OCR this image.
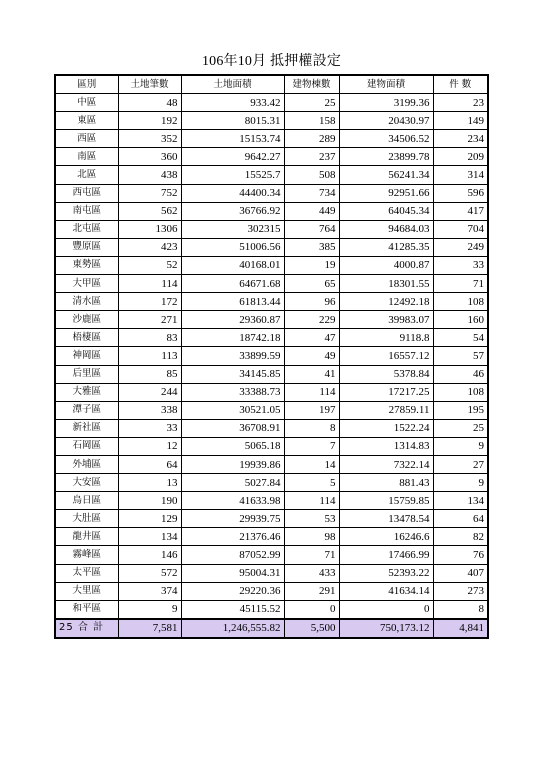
106年10月 抵押權設定
區別	土地筆數	土地面積	建物棟數	建物面積	件 數
中區	48	933.42	25	3199.36	23
東區	192	8015.31	158	20430.97	149
西區	352	15153.74	289	34506.52	234
南區	360	9642.27	237	23899.78	209
北區	438	15525.7	508	56241.34	314
西屯區	752	44400.34	734	92951.66	596
南屯區	562	36766.92	449	64045.34	417
北屯區	1306	302315	764	94684.03	704
豐原區	423	51006.56	385	41285.35	249
東勢區	52	40168.01	19	4000.87	33
大甲區	114	64671.68	65	18301.55	71
清水區	172	61813.44	96	12492.18	108
沙鹿區	271	29360.87	229	39983.07	160
梧棲區	83	18742.18	47	9118.8	54
神岡區	113	33899.59	49	16557.12	57
后里區	85	34145.85	41	5378.84	46
大雅區	244	33388.73	114	17217.25	108
潭子區	338	30521.05	197	27859.11	195
新社區	33	36708.91	8	1522.24	25
石岡區	12	5065.18	7	1314.83	9
外埔區	64	19939.86	14	7322.14	27
大安區	13	5027.84	5	881.43	9
烏日區	190	41633.98	114	15759.85	134
大肚區	129	29939.75	53	13478.54	64
龍井區	134	21376.46	98	16246.6	82
霧峰區	146	87052.99	71	17466.99	76
太平區	572	95004.31	433	52393.22	407
大里區	374	29220.36	291	41634.14	273
和平區	9	45115.52	0	0	8
25 合 計	7,581	1,246,555.82	5,500	750,173.12	4,841
